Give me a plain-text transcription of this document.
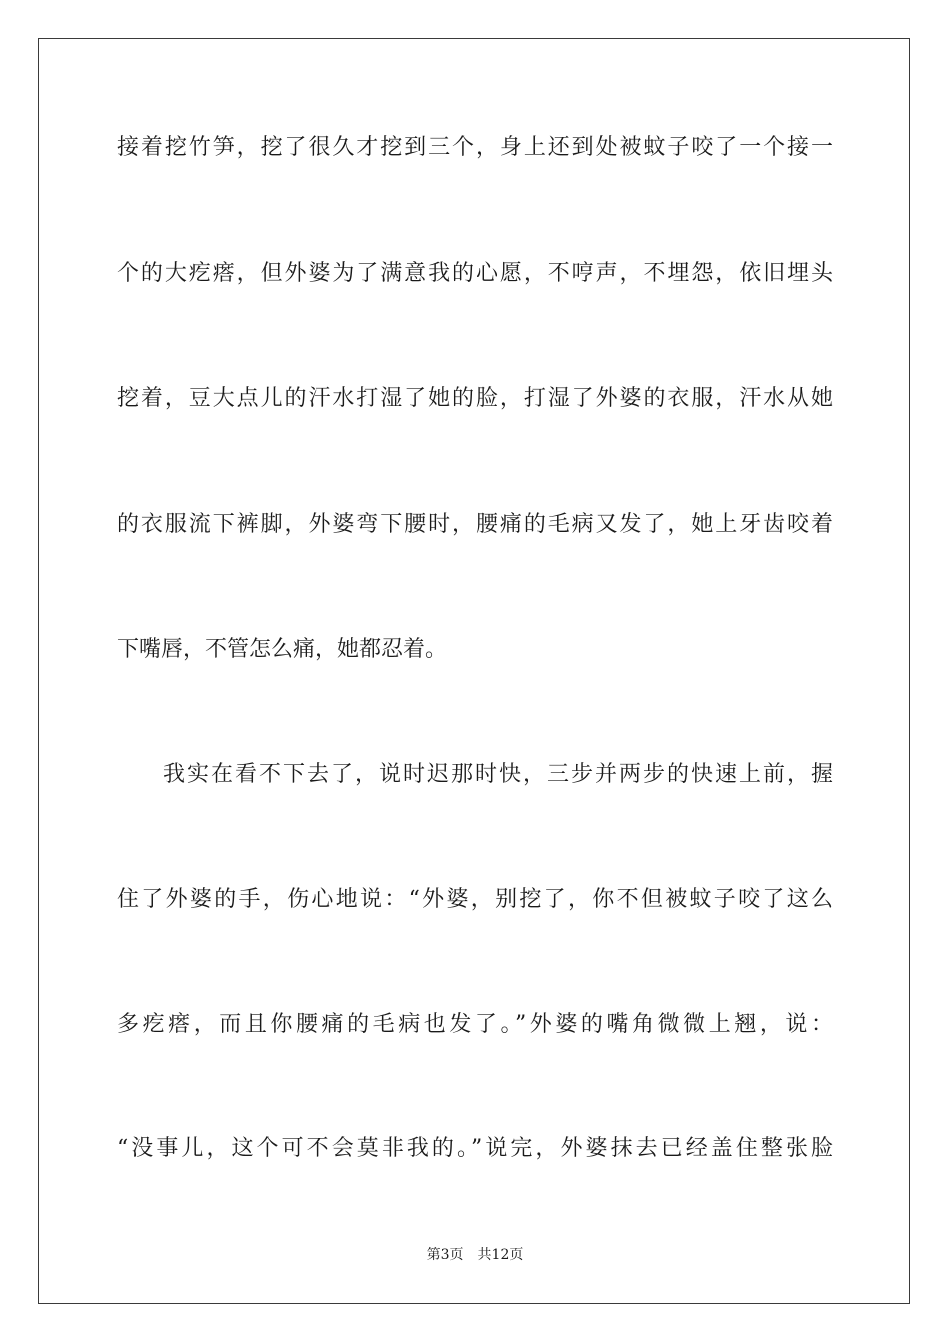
接着挖竹笋，挖了很久才挖到三个，身上还到处被蚊子咬了一个接一
个的大疙瘩，但外婆为了满意我的心愿，不哼声，不埋怨，依旧埋头
挖着，豆大点儿的汗水打湿了她的脸，打湿了外婆的衣服，汗水从她
的衣服流下裤脚，外婆弯下腰时，腰痛的毛病又发了，她上牙齿咬着
下嘴唇，不管怎么痛，她都忍着。
我实在看不下去了，说时迟那时快，三步并两步的快速上前，握
住了外婆的手，伤心地说：“外婆，别挖了，你不但被蚊子咬了这么
多疙瘩，而且你腰痛的毛病也发了。”外婆的嘴角微微上翘，说：
“没事儿，这个可不会莫非我的。”说完，外婆抹去已经盖住整张脸
第3页 共12页
